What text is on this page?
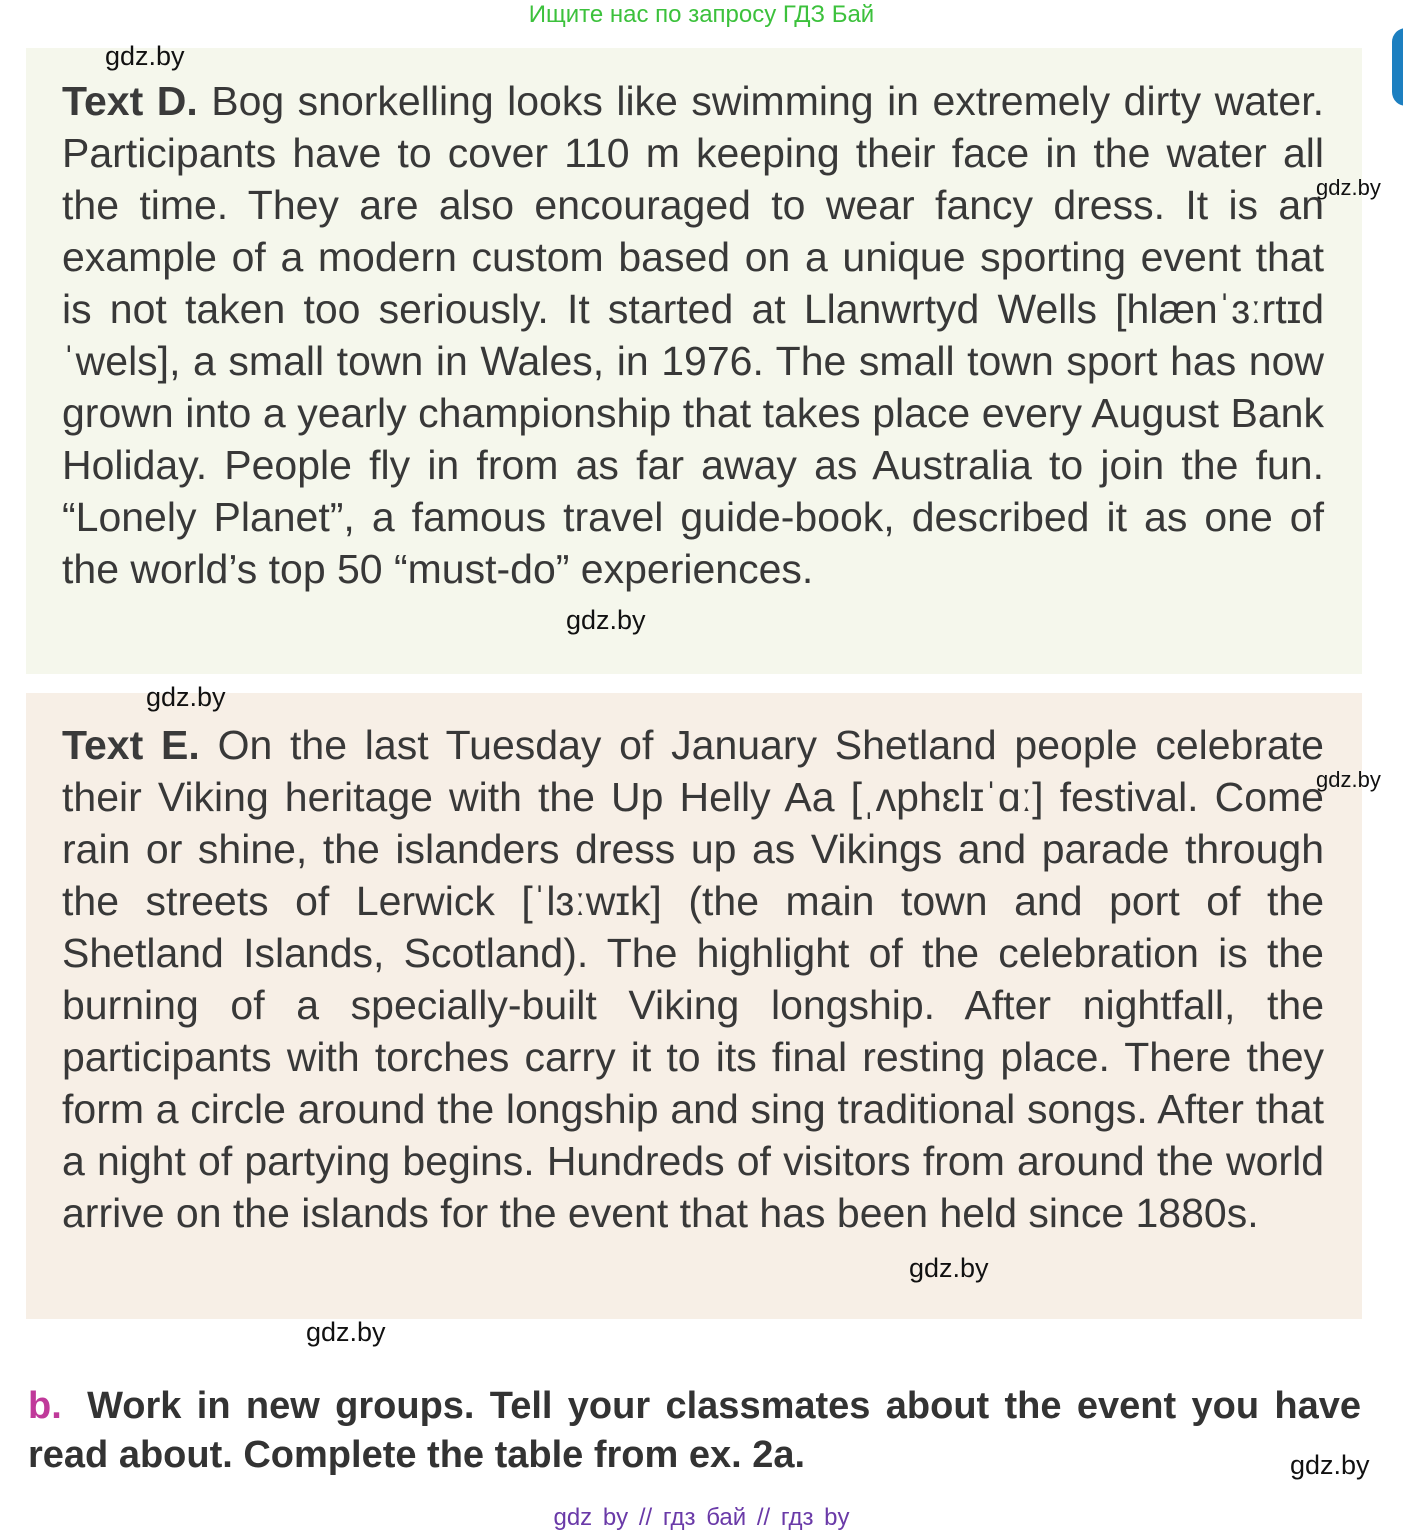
Ищите нас по запросу ГДЗ Бай
Text D. Bog snorkelling looks like swimming in extremely dirty water. Participants have to cover 110 m keeping their face in the water all the time. They are also encouraged to wear fancy dress. It is an example of a modern custom based on a unique sporting event that is not taken too seriously. It started at Llanwrtyd Wells [hlænˈɜːrtɪd ˈwels], a small town in Wales, in 1976. The small town sport has now grown into a yearly championship that takes place every August Bank Holiday. People fly in from as far away as Australia to join the fun. “Lonely Planet”, a famous travel guide-book, described it as one of the world’s top 50 “must-do” experiences.
Text E. On the last Tuesday of January Shetland people celebrate their Viking heritage with the Up Helly Aa [ˌʌphɛlɪˈɑː] festival. Come rain or shine, the islanders dress up as Vikings and parade through the streets of Lerwick [ˈlɜːwɪk] (the main town and port of the Shetland Islands, Scotland). The highlight of the celebration is the burning of a specially-built Viking longship. After nightfall, the participants with torches carry it to its final resting place. There they form a circle around the longship and sing traditional songs. After that a night of partying begins. Hundreds of visitors from around the world arrive on the islands for the event that has been held since 1880s.
gdz.by
gdz.by
gdz.by
gdz.by
gdz.by
gdz.by
gdz.by
b. Work in new groups. Tell your classmates about the event you have read about. Complete the table from ex. 2a.	gdz.by
gdz by // гдз бай // гдз by
